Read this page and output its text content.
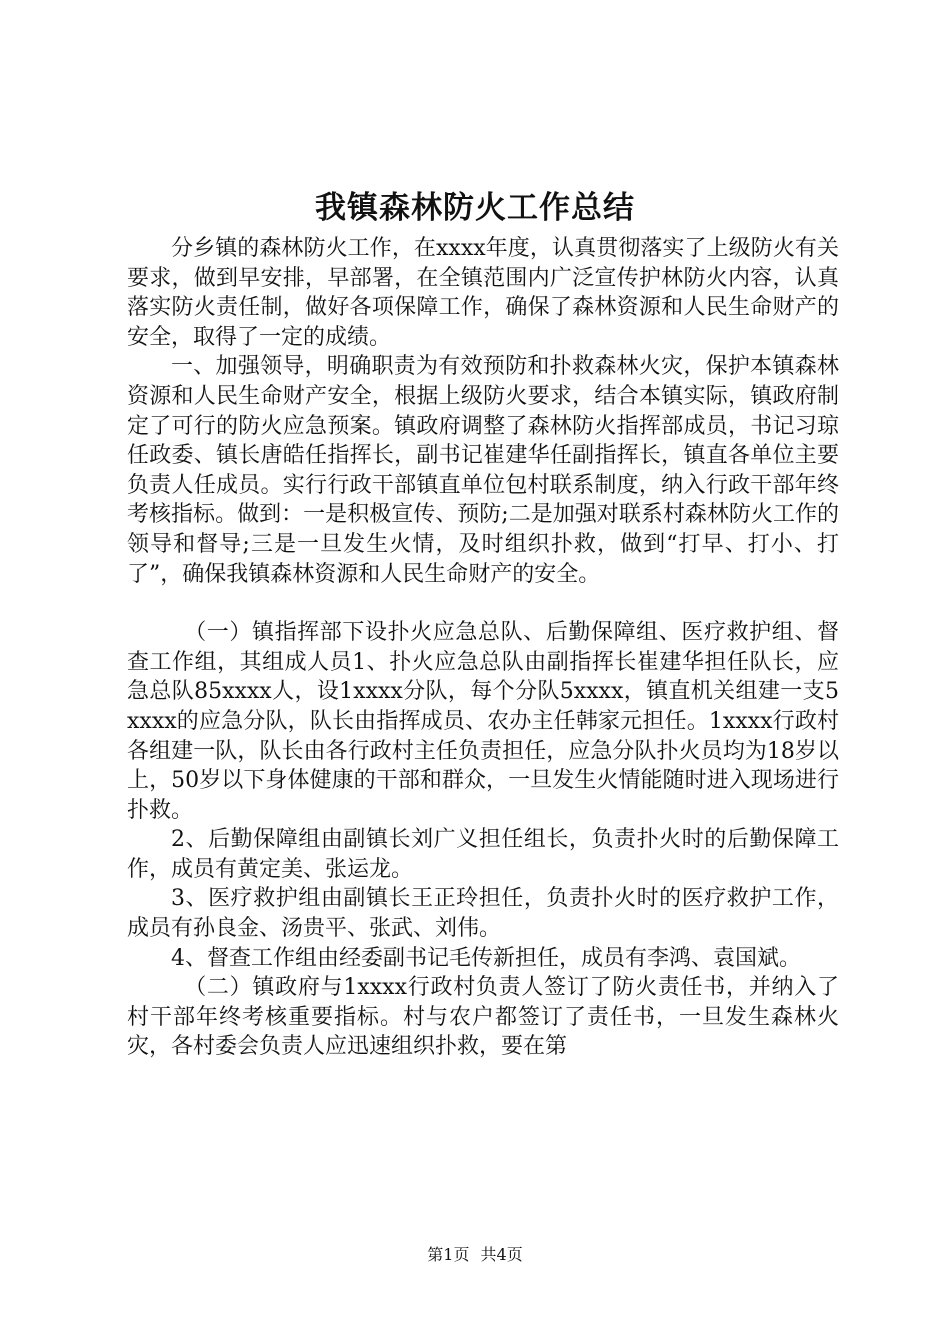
我镇森林防火工作总结

分乡镇的森林防火工作，在xxxx年度，认真贯彻落实了上级防火有关要求，做到早安排，早部署，在全镇范围内广泛宣传护林防火内容，认真落实防火责任制，做好各项保障工作，确保了森林资源和人民生命财产的安全，取得了一定的成绩。

一、加强领导，明确职责为有效预防和扑救森林火灾，保护本镇森林资源和人民生命财产安全，根据上级防火要求，结合本镇实际，镇政府制定了可行的防火应急预案。镇政府调整了森林防火指挥部成员，书记习琼任政委、镇长唐皓任指挥长，副书记崔建华任副指挥长，镇直各单位主要负责人任成员。实行行政干部镇直单位包村联系制度，纳入行政干部年终考核指标。做到：一是积极宣传、预防;二是加强对联系村森林防火工作的领导和督导;三是一旦发生火情，及时组织扑救，做到“打早、打小、打了”，确保我镇森林资源和人民生命财产的安全。

（一）镇指挥部下设扑火应急总队、后勤保障组、医疗救护组、督查工作组，其组成人员1、扑火应急总队由副指挥长崔建华担任队长，应急总队85xxxx人，设1xxxx分队，每个分队5xxxx，镇直机关组建一支5xxxx的应急分队，队长由指挥成员、农办主任韩家元担任。1xxxx行政村各组建一队，队长由各行政村主任负责担任，应急分队扑火员均为18岁以上，50岁以下身体健康的干部和群众，一旦发生火情能随时进入现场进行扑救。

2、后勤保障组由副镇长刘广义担任组长，负责扑火时的后勤保障工作，成员有黄定美、张运龙。

3、医疗救护组由副镇长王正玲担任，负责扑火时的医疗救护工作，成员有孙良金、汤贵平、张武、刘伟。

4、督查工作组由经委副书记毛传新担任，成员有李鸿、袁国斌。

（二）镇政府与1xxxx行政村负责人签订了防火责任书，并纳入了村干部年终考核重要指标。村与农户都签订了责任书，一旦发生森林火灾，各村委会负责人应迅速组织扑救，要在第

第1页 共4页
